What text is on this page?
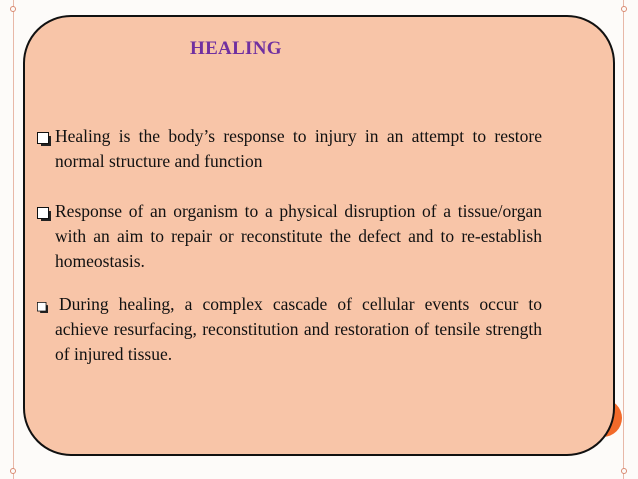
HEALING

Healing is the body’s response to injury in an attempt to restore normal structure and function

Response of an organism to a physical disruption of a tissue/organ with an aim to repair or reconstitute the defect and to re-establish homeostasis.

During healing, a complex cascade of cellular events occur to achieve resurfacing, reconstitution and restoration of tensile strength of injured tissue.
